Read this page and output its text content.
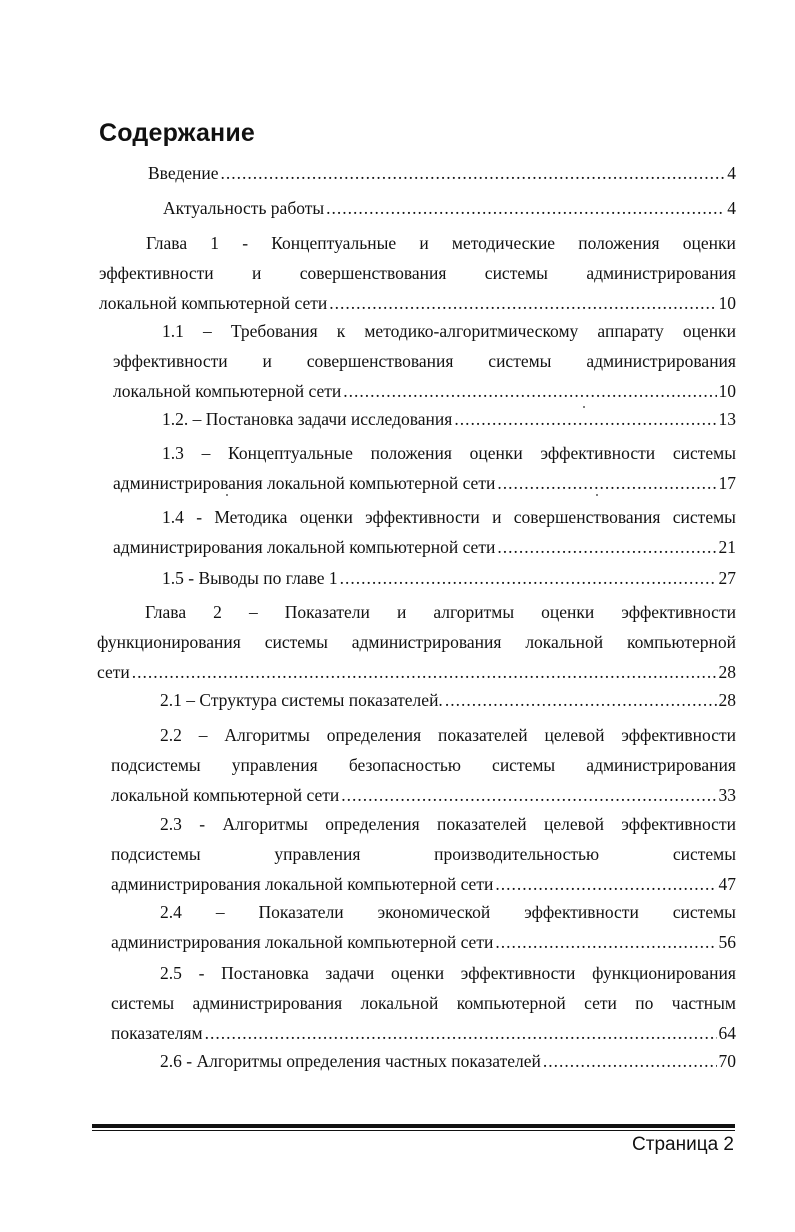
Содержание
Введение .....	4
Актуальность работы .....	4
Глава 1 - Концептуальные и методические положения оценки
эффективности и совершенствования системы администрирования
локальной компьютерной сети .....	10
1.1 – Требования к методико-алгоритмическому аппарату оценки
эффективности и совершенствования системы администрирования
локальной компьютерной сети .....	10
1.2. – Постановка задачи исследования .....	13
1.3 – Концептуальные положения оценки эффективности системы
администрирования локальной компьютерной сети .....	17
1.4 - Методика оценки эффективности и совершенствования системы
администрирования локальной компьютерной сети .....	21
1.5 - Выводы по главе 1 .....	27
Глава 2 – Показатели и алгоритмы оценки эффективности
функционирования системы администрирования локальной компьютерной
сети .....	28
2.1 – Структура системы показателей. .....	28
2.2 – Алгоритмы определения показателей целевой эффективности
подсистемы управления безопасностью системы администрирования
локальной компьютерной сети .....	33
2.3 - Алгоритмы определения показателей целевой эффективности
подсистемы	управления	производительностью	системы
администрирования локальной компьютерной сети .....	47
2.4 – Показатели экономической эффективности системы
администрирования локальной компьютерной сети .....	56
2.5 - Постановка задачи оценки эффективности функционирования
системы администрирования локальной компьютерной сети по частным
показателям .....	64
2.6 - Алгоритмы определения частных показателей .....	70
Страница 2
